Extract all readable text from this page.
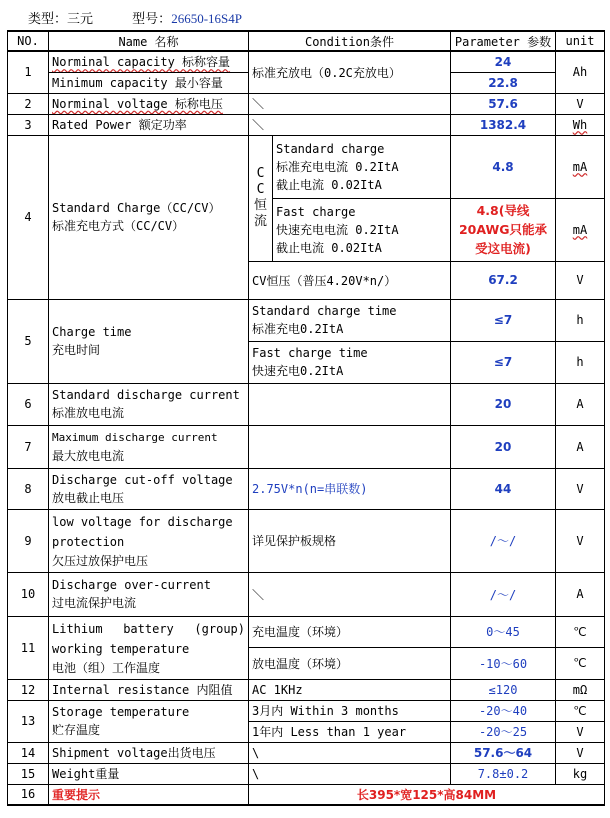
类型：三元	型号：26650-16S4P
NO.	Name 名称	Condition条件		Parameter 参数	unit
1	Norminal capacity 标称容量	标准充放电（0.2C充放电）		24	Ah
	Minimum capacity 最小容量			22.8	
2	Norminal voltage 标称电压	＼		57.6	V
3	Rated Power 额定功率	＼		1382.4	Wh
4	Standard Charge（CC/CV）
标准充电方式（CC/CV）	C
C
恒
流	Standard charge
标准充电电流 0.2ItA
截止电流 0.02ItA	4.8	mA

			Fast charge
快速充电电流 0.2ItA
截止电流 0.02ItA	4.8(导线20AWG只能承受这电流)	mA
		CV恒压（普压4.20V*n/）		67.2	V
5	Charge time
充电时间	Standard charge time
标准充电0.2ItA		≤7	h

		Fast charge time
快速充电0.2ItA		≤7	h
6	Standard discharge current
标准放电电流			20	A
7	Maximum discharge current
最大放电电流			20	A
8	Discharge cut-off voltage
放电截止电压	2.75V*n(n=串联数)		44	V
9	low voltage for discharge protection
欠压过放保护电压	详见保护板规格		/～/	V
10	Discharge over-current
过电流保护电流	＼		/～/	A
11	Lithium battery (group) working temperature
电池（组）工作温度	充电温度（环境）		0～45	℃
		放电温度（环境）		-10～60	℃
12	Internal resistance 内阻值	AC 1KHz		≤120	mΩ
13	Storage temperature
贮存温度	3月内 Within 3 months		-20～40	℃
		1年内 Less than 1 year		-20～25	V
14	Shipment voltage出货电压	\		57.6～64	V
15	Weight重量	\		7.8±0.2	kg
16	重要提示	长395*宽125*高84MM			
